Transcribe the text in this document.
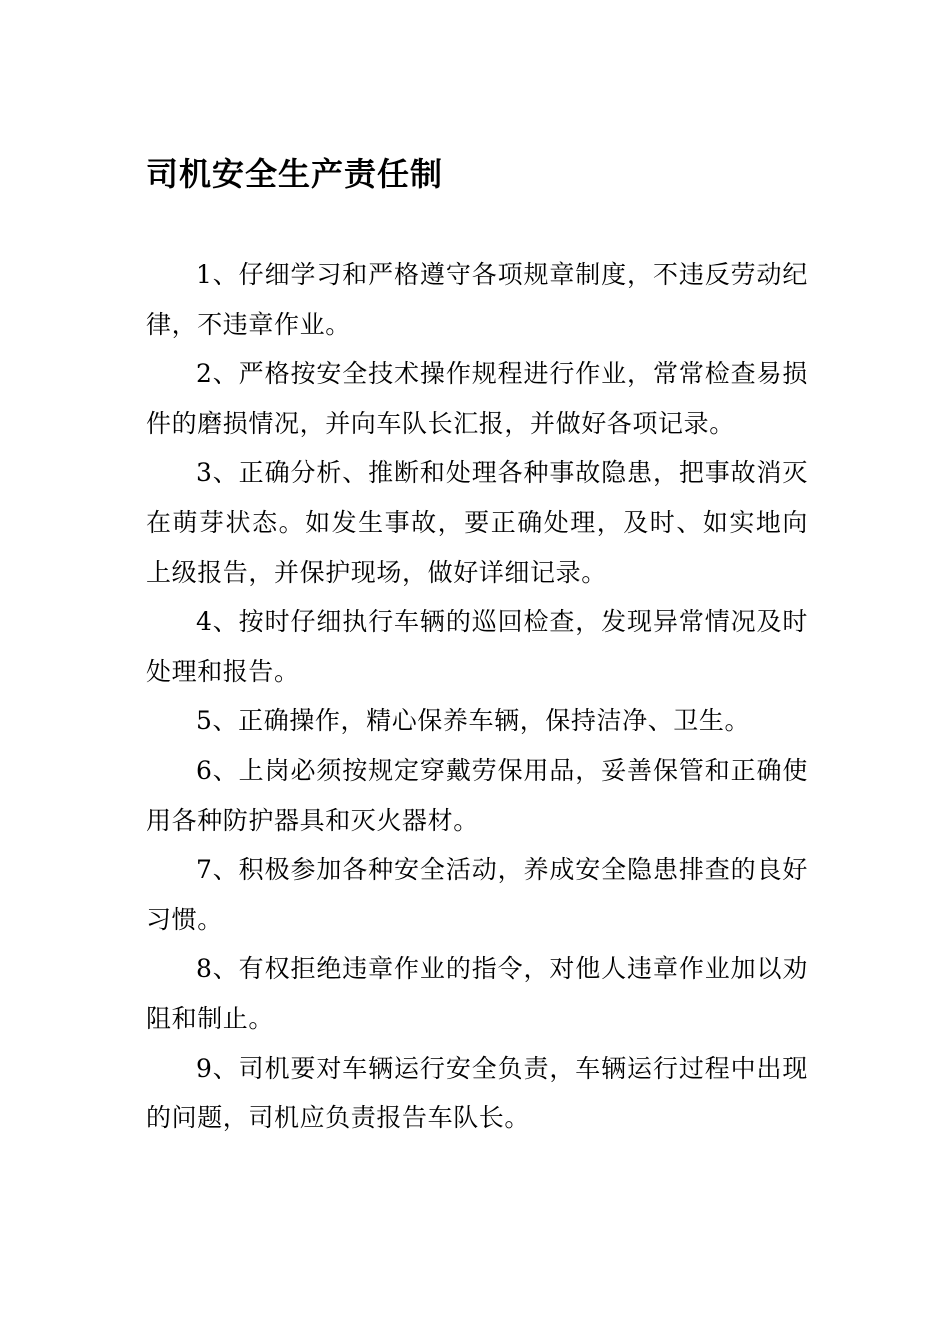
司机安全生产责任制

1、仔细学习和严格遵守各项规章制度，不违反劳动纪律，不违章作业。

2、严格按安全技术操作规程进行作业，常常检查易损件的磨损情况，并向车队长汇报，并做好各项记录。

3、正确分析、推断和处理各种事故隐患，把事故消灭在萌芽状态。如发生事故，要正确处理，及时、如实地向上级报告，并保护现场，做好详细记录。

4、按时仔细执行车辆的巡回检查，发现异常情况及时处理和报告。

5、正确操作，精心保养车辆，保持洁净、卫生。

6、上岗必须按规定穿戴劳保用品，妥善保管和正确使用各种防护器具和灭火器材。

7、积极参加各种安全活动，养成安全隐患排查的良好习惯。

8、有权拒绝违章作业的指令，对他人违章作业加以劝阻和制止。

9、司机要对车辆运行安全负责，车辆运行过程中出现的问题，司机应负责报告车队长。
